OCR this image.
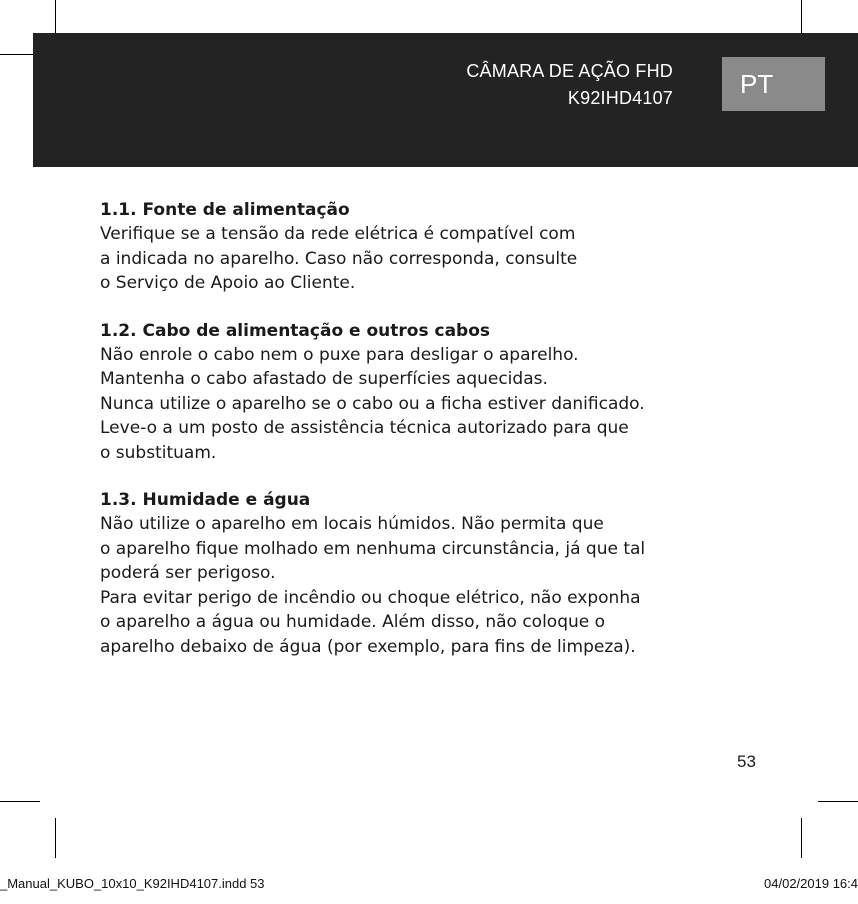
CÂMARA DE AÇÃO FHD
K92IHD4107	PT

1.1. Fonte de alimentação

Verifique se a tensão da rede elétrica é compatível com

a indicada no aparelho. Caso não corresponda, consulte

o Serviço de Apoio ao Cliente.

1.2. Cabo de alimentação e outros cabos

Não enrole o cabo nem o puxe para desligar o aparelho.

Mantenha o cabo afastado de superfícies aquecidas.

Nunca utilize o aparelho se o cabo ou a ficha estiver danificado.

Leve-o a um posto de assistência técnica autorizado para que

o substituam.

1.3. Humidade e água

Não utilize o aparelho em locais húmidos. Não permita que

o aparelho fique molhado em nenhuma circunstância, já que tal

poderá ser perigoso.

Para evitar perigo de incêndio ou choque elétrico, não exponha

o aparelho a água ou humidade. Além disso, não coloque o

aparelho debaixo de água (por exemplo, para fins de limpeza).

53
_Manual_KUBO_10x10_K92IHD4107.indd 53	04/02/2019 16:4
